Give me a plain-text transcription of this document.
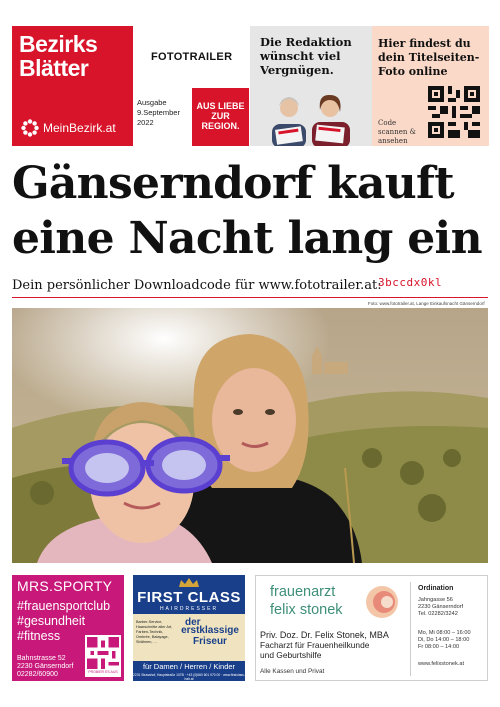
Bezirks
Blätter
MeinBezirk.at
FOTOTRAILER
Ausgabe
9.September 2022
AUS LIEBE ZUR REGION.
Die Redaktion wünscht viel Vergnügen.
Hier findest du dein Titelseiten-Foto online
Code scannen & ansehen
Gänserndorf kauft eine Nacht lang ein
Dein persönlicher Downloadcode für www.fototrailer.at:
3bccdx0kl
Foto: www.fototrailer.at, Lange Einkaufsnacht Gänserndorf
MRS.SPORTY
#frauensportclub
#gesundheit
#fitness
Bahnstrasse 52
2230 Gänserndorf
02282/60900	PROBIER ES AUS
FIRST CLASS
HAIRDRESSER
Barber-Service, Haarschnitte aller Art, Farben-Technik, Ombrée, Balayage, Strähnen, ...
der
erstklassige Friseur
für Damen / Herren / Kinder
2231 Strasshof, Hauptstraße 107B · +43 (0)660 601 070 00 · www.firstclass-hair.at
frauenarzt
felix stonek
Priv. Doz. Dr. Felix Stonek, MBA
Facharzt für Frauenheilkunde
und Geburtshilfe
Alle Kassen und Privat
Ordination
Jahngasse 56
2230 Gänserndorf
Tel. 02282/3242
Mo, Mi 08:00 – 16:00
Di, Do 14:00 – 18:00
Fr 08:00 – 14:00
www.felixstonek.at
